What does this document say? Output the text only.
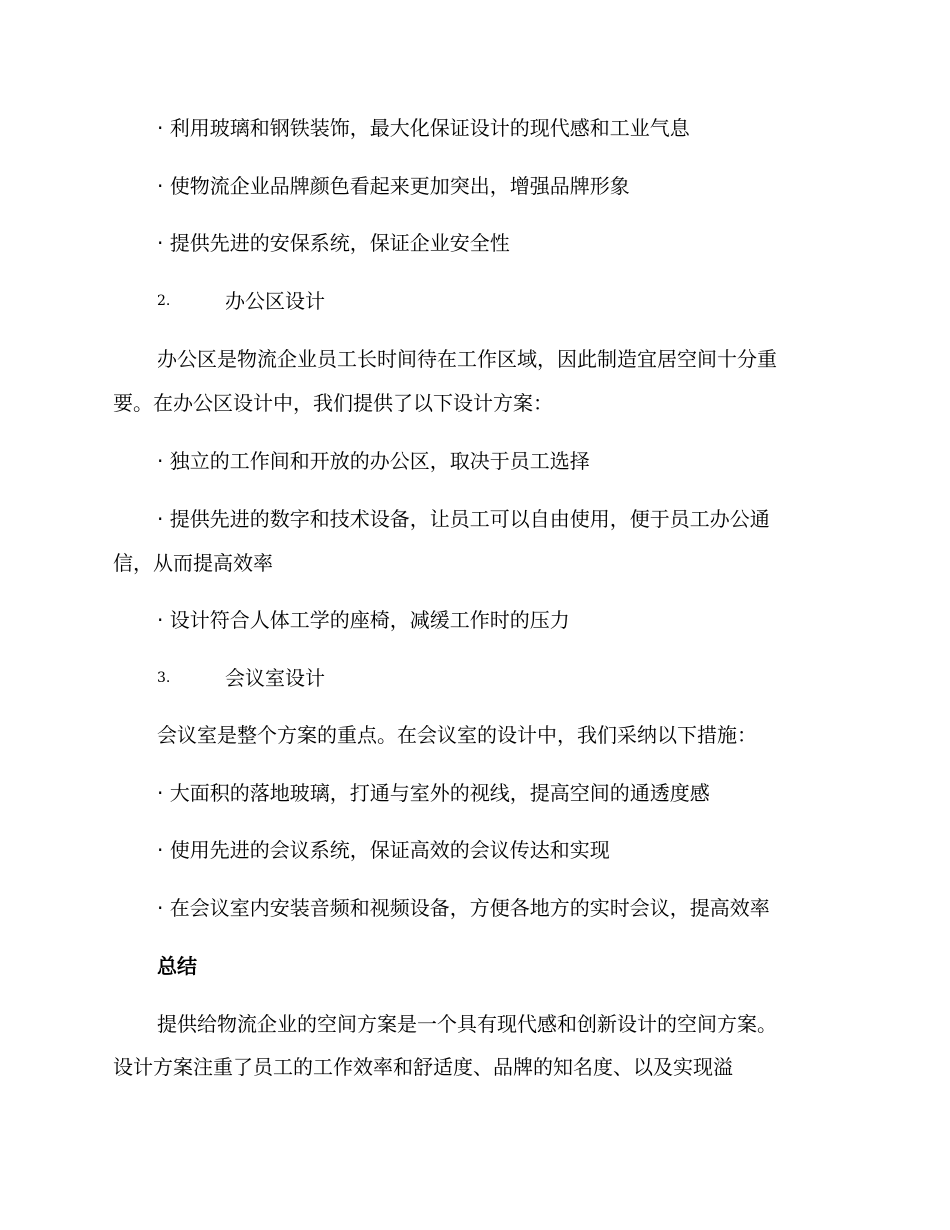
· 利用玻璃和钢铁装饰，最大化保证设计的现代感和工业气息
· 使物流企业品牌颜色看起来更加突出，增强品牌形象
· 提供先进的安保系统，保证企业安全性
2.	办公区设计
办公区是物流企业员工长时间待在工作区域，因此制造宜居空间十分重
要。在办公区设计中，我们提供了以下设计方案：
· 独立的工作间和开放的办公区，取决于员工选择
· 提供先进的数字和技术设备，让员工可以自由使用，便于员工办公通
信，从而提高效率
· 设计符合人体工学的座椅，减缓工作时的压力
3.	会议室设计
会议室是整个方案的重点。在会议室的设计中，我们采纳以下措施：
· 大面积的落地玻璃，打通与室外的视线，提高空间的通透度感
· 使用先进的会议系统，保证高效的会议传达和实现
· 在会议室内安装音频和视频设备，方便各地方的实时会议，提高效率
总结
提供给物流企业的空间方案是一个具有现代感和创新设计的空间方案。
设计方案注重了员工的工作效率和舒适度、品牌的知名度、以及实现溢
